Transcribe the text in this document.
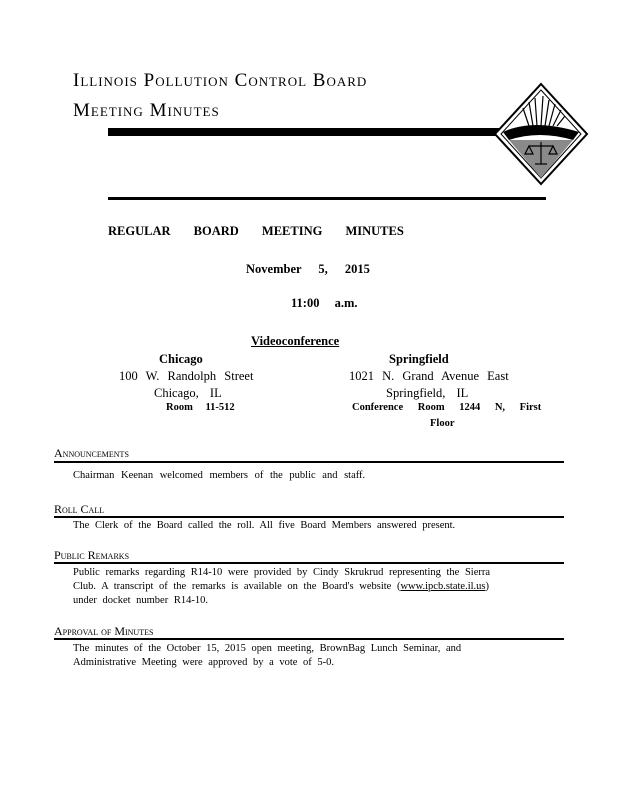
Illinois Pollution Control Board
Meeting Minutes
REGULAR BOARD MEETING MINUTES
November 5, 2015
11:00 a.m.
Videoconference
Chicago
100 W. Randolph Street
Chicago, IL
Room 11-512
Springfield
1021 N. Grand Avenue East
Springfield, IL
Conference Room 1244 N, First
Floor
Announcements
Chairman Keenan welcomed members of the public and staff.
Roll Call
The Clerk of the Board called the roll. All five Board Members answered present.
Public Remarks
Public remarks regarding R14-10 were provided by Cindy Skrukrud representing the Sierra
Club. A transcript of the remarks is available on the Board's website (www.ipcb.state.il.us)
under docket number R14-10.
Approval of Minutes
The minutes of the October 15, 2015 open meeting, BrownBag Lunch Seminar, and
Administrative Meeting were approved by a vote of 5-0.
